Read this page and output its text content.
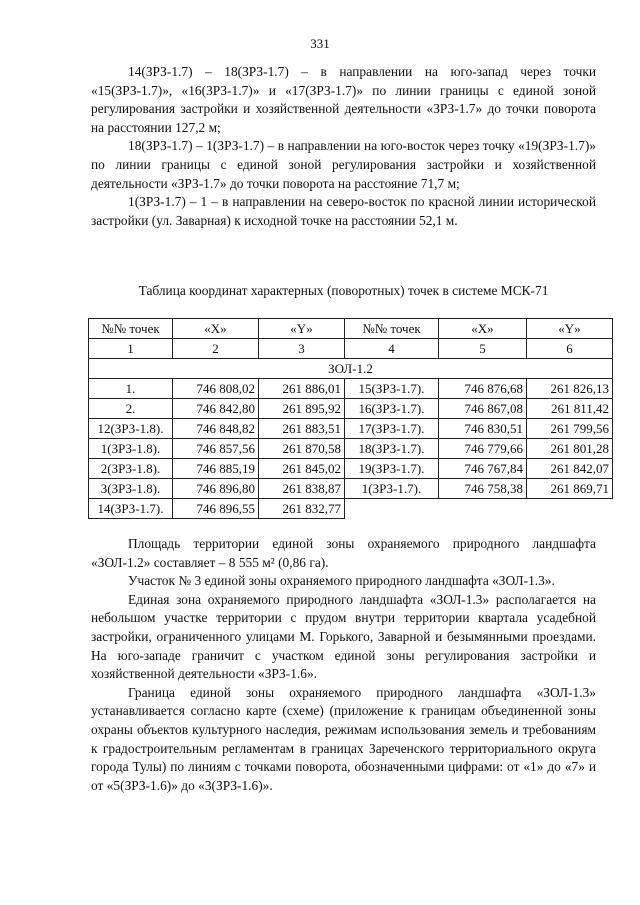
331

14(ЗРЗ-1.7) – 18(ЗРЗ-1.7) – в направлении на юго-запад через точки «15(ЗРЗ-1.7)», «16(ЗРЗ-1.7)» и «17(ЗРЗ-1.7)» по линии границы с единой зоной регулирования застройки и хозяйственной деятельности «ЗРЗ-1.7» до точки поворота на расстоянии 127,2 м;

18(ЗРЗ-1.7) – 1(ЗРЗ-1.7) – в направлении на юго-восток через точку «19(ЗРЗ-1.7)» по линии границы с единой зоной регулирования застройки и хозяйственной деятельности «ЗРЗ-1.7» до точки поворота на расстояние 71,7 м;

1(ЗРЗ-1.7) – 1 – в направлении на северо-восток по красной линии исторической застройки (ул. Заварная) к исходной точке на расстоянии 52,1 м.

Таблица координат характерных (поворотных) точек в системе МСК-71
№№ точек	«X»	«Y»	№№ точек	«X»	«Y»
1	2	3	4	5	6
ЗОЛ-1.2					
1.	746 808,02	261 886,01	15(ЗРЗ-1.7).	746 876,68	261 826,13
2.	746 842,80	261 895,92	16(ЗРЗ-1.7).	746 867,08	261 811,42
12(ЗРЗ-1.8).	746 848,82	261 883,51	17(ЗРЗ-1.7).	746 830,51	261 799,56
1(ЗРЗ-1.8).	746 857,56	261 870,58	18(ЗРЗ-1.7).	746 779,66	261 801,28
2(ЗРЗ-1.8).	746 885,19	261 845,02	19(ЗРЗ-1.7).	746 767,84	261 842,07
3(ЗРЗ-1.8).	746 896,80	261 838,87	1(ЗРЗ-1.7).	746 758,38	261 869,71
14(ЗРЗ-1.7).	746 896,55	261 832,77			

Площадь территории единой зоны охраняемого природного ландшафта «ЗОЛ-1.2» составляет – 8 555 м² (0,86 га).

Участок № 3 единой зоны охраняемого природного ландшафта «ЗОЛ-1.3».

Единая зона охраняемого природного ландшафта «ЗОЛ-1.3» располагается на небольшом участке территории с прудом внутри территории квартала усадебной застройки, ограниченного улицами М. Горького, Заварной и безымянными проездами. На юго-западе граничит с участком единой зоны регулирования застройки и хозяйственной деятельности «ЗРЗ-1.6».

Граница единой зоны охраняемого природного ландшафта «ЗОЛ-1.3» устанавливается согласно карте (схеме) (приложение к границам объединенной зоны охраны объектов культурного наследия, режимам использования земель и требованиям к градостроительным регламентам в границах Зареченского территориального округа города Тулы) по линиям с точками поворота, обозначенными цифрами: от «1» до «7» и от «5(ЗРЗ-1.6)» до «3(ЗРЗ-1.6)».
